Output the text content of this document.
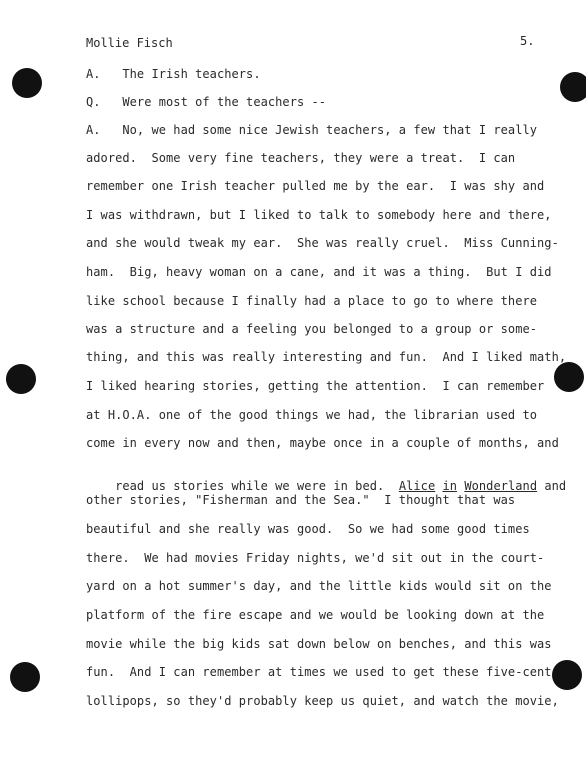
Mollie Fisch	5.
A.   The Irish teachers.
Q.   Were most of the teachers --
A.   No, we had some nice Jewish teachers, a few that I really
adored.  Some very fine teachers, they were a treat.  I can
remember one Irish teacher pulled me by the ear.  I was shy and
I was withdrawn, but I liked to talk to somebody here and there,
and she would tweak my ear.  She was really cruel.  Miss Cunning-
ham.  Big, heavy woman on a cane, and it was a thing.  But I did
like school because I finally had a place to go to where there
was a structure and a feeling you belonged to a group or some-
thing, and this was really interesting and fun.  And I liked math,
I liked hearing stories, getting the attention.  I can remember
at H.O.A. one of the good things we had, the librarian used to
come in every now and then, maybe once in a couple of months, and

read us stories while we were in bed. Alice in Wonderland and

other stories, "Fisherman and the Sea."  I thought that was
beautiful and she really was good.  So we had some good times
there.  We had movies Friday nights, we'd sit out in the court-
yard on a hot summer's day, and the little kids would sit on the
platform of the fire escape and we would be looking down at the
movie while the big kids sat down below on benches, and this was
fun.  And I can remember at times we used to get these five-cent
lollipops, so they'd probably keep us quiet, and watch the movie,
